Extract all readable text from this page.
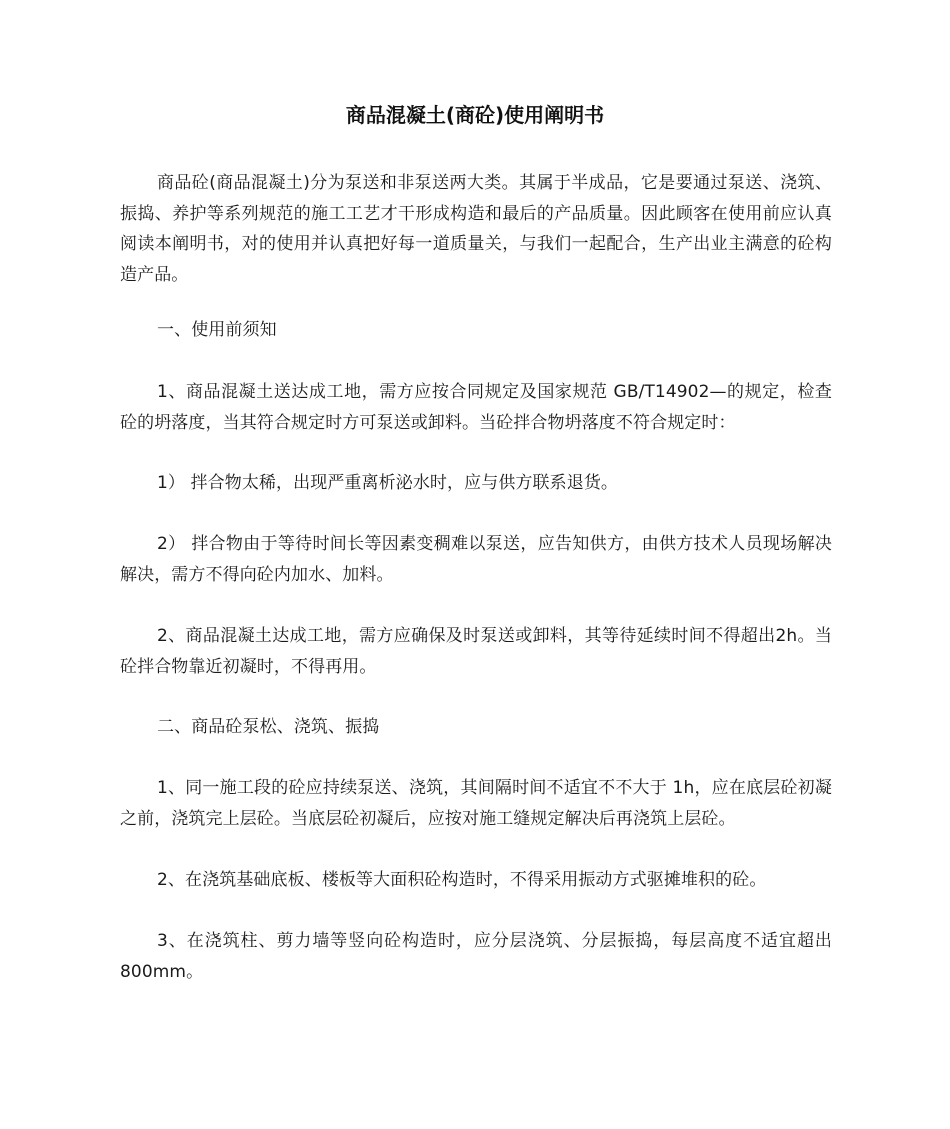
商品混凝土(商砼)使用阐明书

商品砼(商品混凝土)分为泵送和非泵送两大类。其属于半成品，它是要通过泵送、浇筑、振捣、养护等系列规范的施工工艺才干形成构造和最后的产品质量。因此顾客在使用前应认真阅读本阐明书，对的使用并认真把好每一道质量关，与我们一起配合，生产出业主满意的砼构造产品。

一、使用前须知

1、商品混凝土送达成工地，需方应按合同规定及国家规范 GB/T14902—的规定，检查砼的坍落度，当其符合规定时方可泵送或卸料。当砼拌合物坍落度不符合规定时：

1） 拌合物太稀，出现严重离析泌水时，应与供方联系退货。

2） 拌合物由于等待时间长等因素变稠难以泵送，应告知供方，由供方技术人员现场解决解决，需方不得向砼内加水、加料。

2、商品混凝土达成工地，需方应确保及时泵送或卸料，其等待延续时间不得超出2h。当砼拌合物靠近初凝时，不得再用。

二、商品砼泵松、浇筑、振捣

1、同一施工段的砼应持续泵送、浇筑，其间隔时间不适宜不不大于 1h，应在底层砼初凝之前，浇筑完上层砼。当底层砼初凝后，应按对施工缝规定解决后再浇筑上层砼。

2、在浇筑基础底板、楼板等大面积砼构造时，不得采用振动方式驱摊堆积的砼。

3、在浇筑柱、剪力墙等竖向砼构造时，应分层浇筑、分层振捣，每层高度不适宜超出 800mm。
